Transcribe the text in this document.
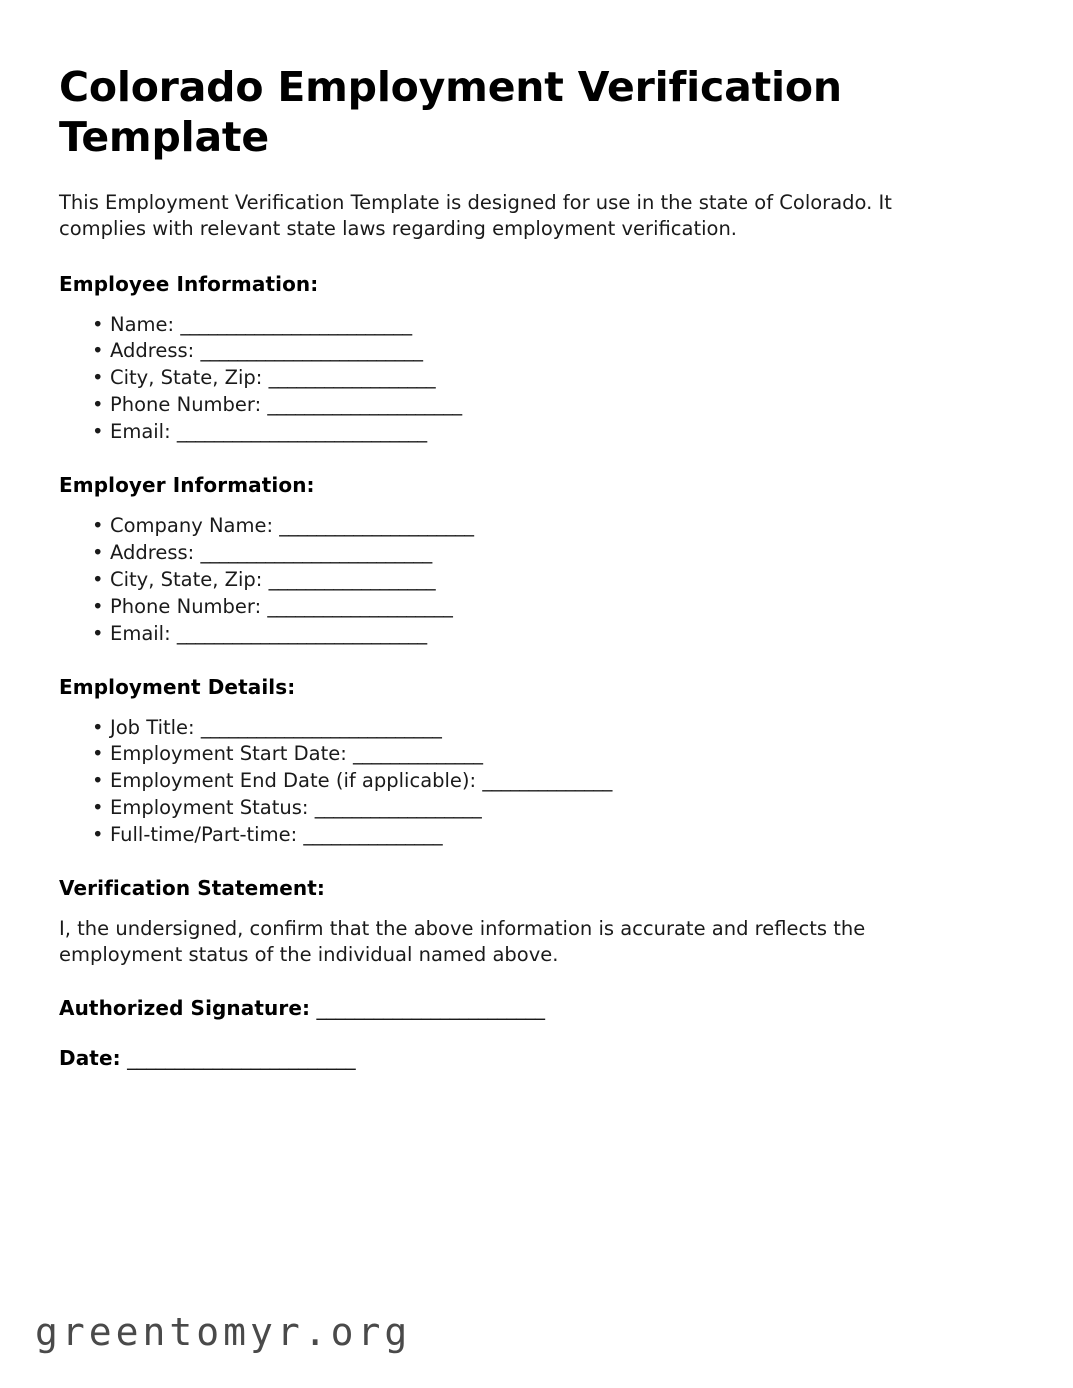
Colorado Employment Verification Template

This Employment Verification Template is designed for use in the state of Colorado. It complies with relevant state laws regarding employment verification.

Employee Information:
• Name: _________________________
• Address: ________________________
• City, State, Zip: __________________
• Phone Number: _____________________
• Email: ___________________________
Employer Information:
• Company Name: _____________________
• Address: _________________________
• City, State, Zip: __________________
• Phone Number: ____________________
• Email: ___________________________
Employment Details:
• Job Title: __________________________
• Employment Start Date: ______________
• Employment End Date (if applicable): ______________
• Employment Status: __________________
• Full-time/Part-time: _______________
Verification Statement:

I, the undersigned, confirm that the above information is accurate and reflects the employment status of the individual named above.

Authorized Signature: ________________________

Date: ________________________

greentomyr.org
